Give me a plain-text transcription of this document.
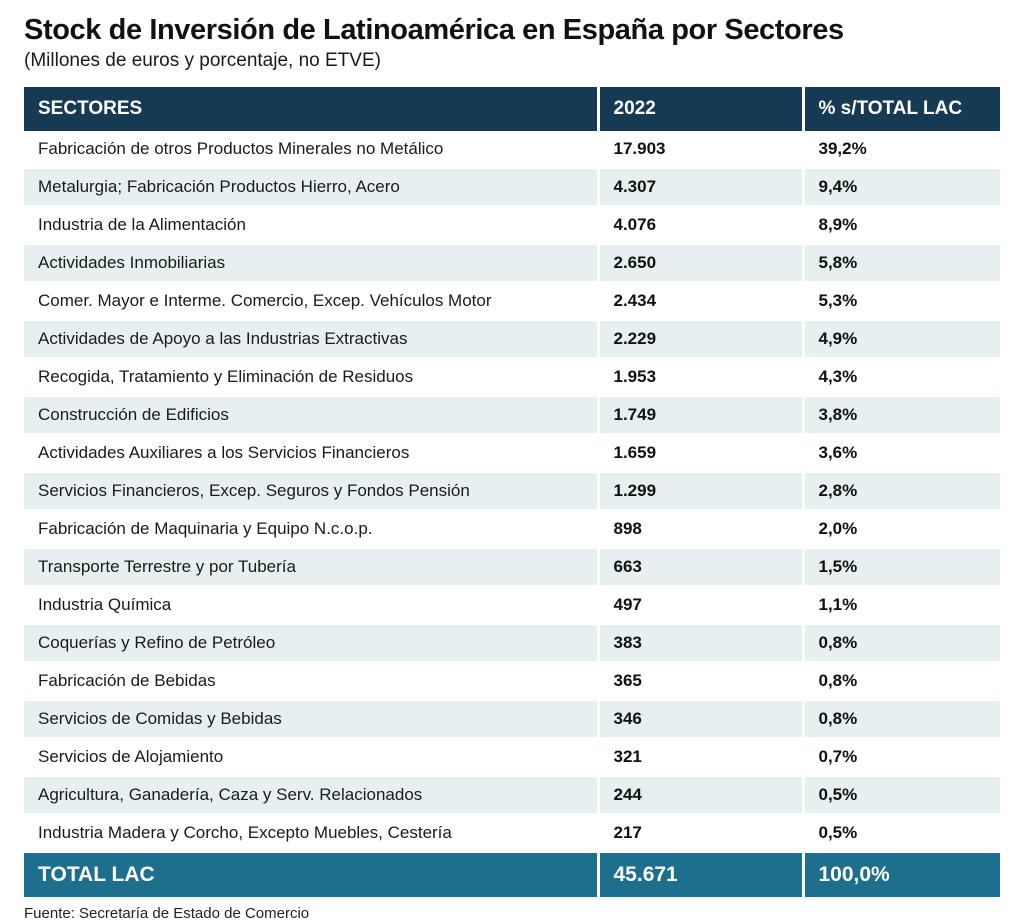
Stock de Inversión de Latinoamérica en España por Sectores
(Millones de euros y porcentaje, no ETVE)
SECTORES	2022	% s/TOTAL LAC
Fabricación de otros Productos Minerales no Metálico	17.903	39,2%
Metalurgia; Fabricación Productos Hierro, Acero	4.307	9,4%
Industria de la Alimentación	4.076	8,9%
Actividades Inmobiliarias	2.650	5,8%
Comer. Mayor e Interme. Comercio, Excep. Vehículos Motor	2.434	5,3%
Actividades de Apoyo a las Industrias Extractivas	2.229	4,9%
Recogida, Tratamiento y Eliminación de Residuos	1.953	4,3%
Construcción de Edificios	1.749	3,8%
Actividades Auxiliares a los Servicios Financieros	1.659	3,6%
Servicios Financieros, Excep. Seguros y Fondos Pensión	1.299	2,8%
Fabricación de Maquinaria y Equipo N.c.o.p.	898	2,0%
Transporte Terrestre y por Tubería	663	1,5%
Industria Química	497	1,1%
Coquerías y Refino de Petróleo	383	0,8%
Fabricación de Bebidas	365	0,8%
Servicios de Comidas y Bebidas	346	0,8%
Servicios de Alojamiento	321	0,7%
Agricultura, Ganadería, Caza y Serv. Relacionados	244	0,5%
Industria Madera y Corcho, Excepto Muebles, Cestería	217	0,5%
TOTAL LAC	45.671	100,0%
Fuente: Secretaría de Estado de Comercio
